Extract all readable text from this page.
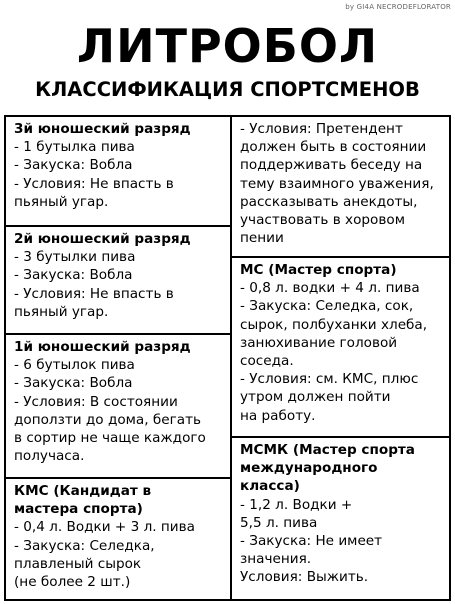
by GI4A NECRODEFLORATOR
ЛИТРОБОЛ
КЛАССИФИКАЦИЯ СПОРТСМЕНОВ
3й юношеский разряд
- 1 бутылка пива
- Закуска: Вобла
- Условия: Не впасть в
пьяный угар.
2й юношеский разряд
- 3 бутылки пива
- Закуска: Вобла
- Условия: Не впасть в
пьяный угар.
1й юношеский разряд
- 6 бутылок пива
- Закуска: Вобла
- Условия: В состоянии
доползти до дома, бегать
в сортир не чаще каждого
получаса.
КМС (Кандидат в
мастера спорта)
- 0,4 л. Водки + 3 л. пива
- Закуска: Селедка,
плавленый сырок
(не более 2 шт.)
- Условия: Претендент
должен быть в состоянии
поддерживать беседу на
тему взаимного уважения,
рассказывать анекдоты,
участвовать в хоровом
пении
МС (Мастер спорта)
- 0,8 л. водки + 4 л. пива
- Закуска: Селедка, сок,
сырок, полбуханки хлеба,
занюхивание головой
соседа.
- Условия: см. КМС, плюс
утром должен пойти
на работу.
МСМК (Мастер спорта
международного
класса)
- 1,2 л. Водки +
5,5 л. пива
- Закуска: Не имеет
значения.
Условия: Выжить.
